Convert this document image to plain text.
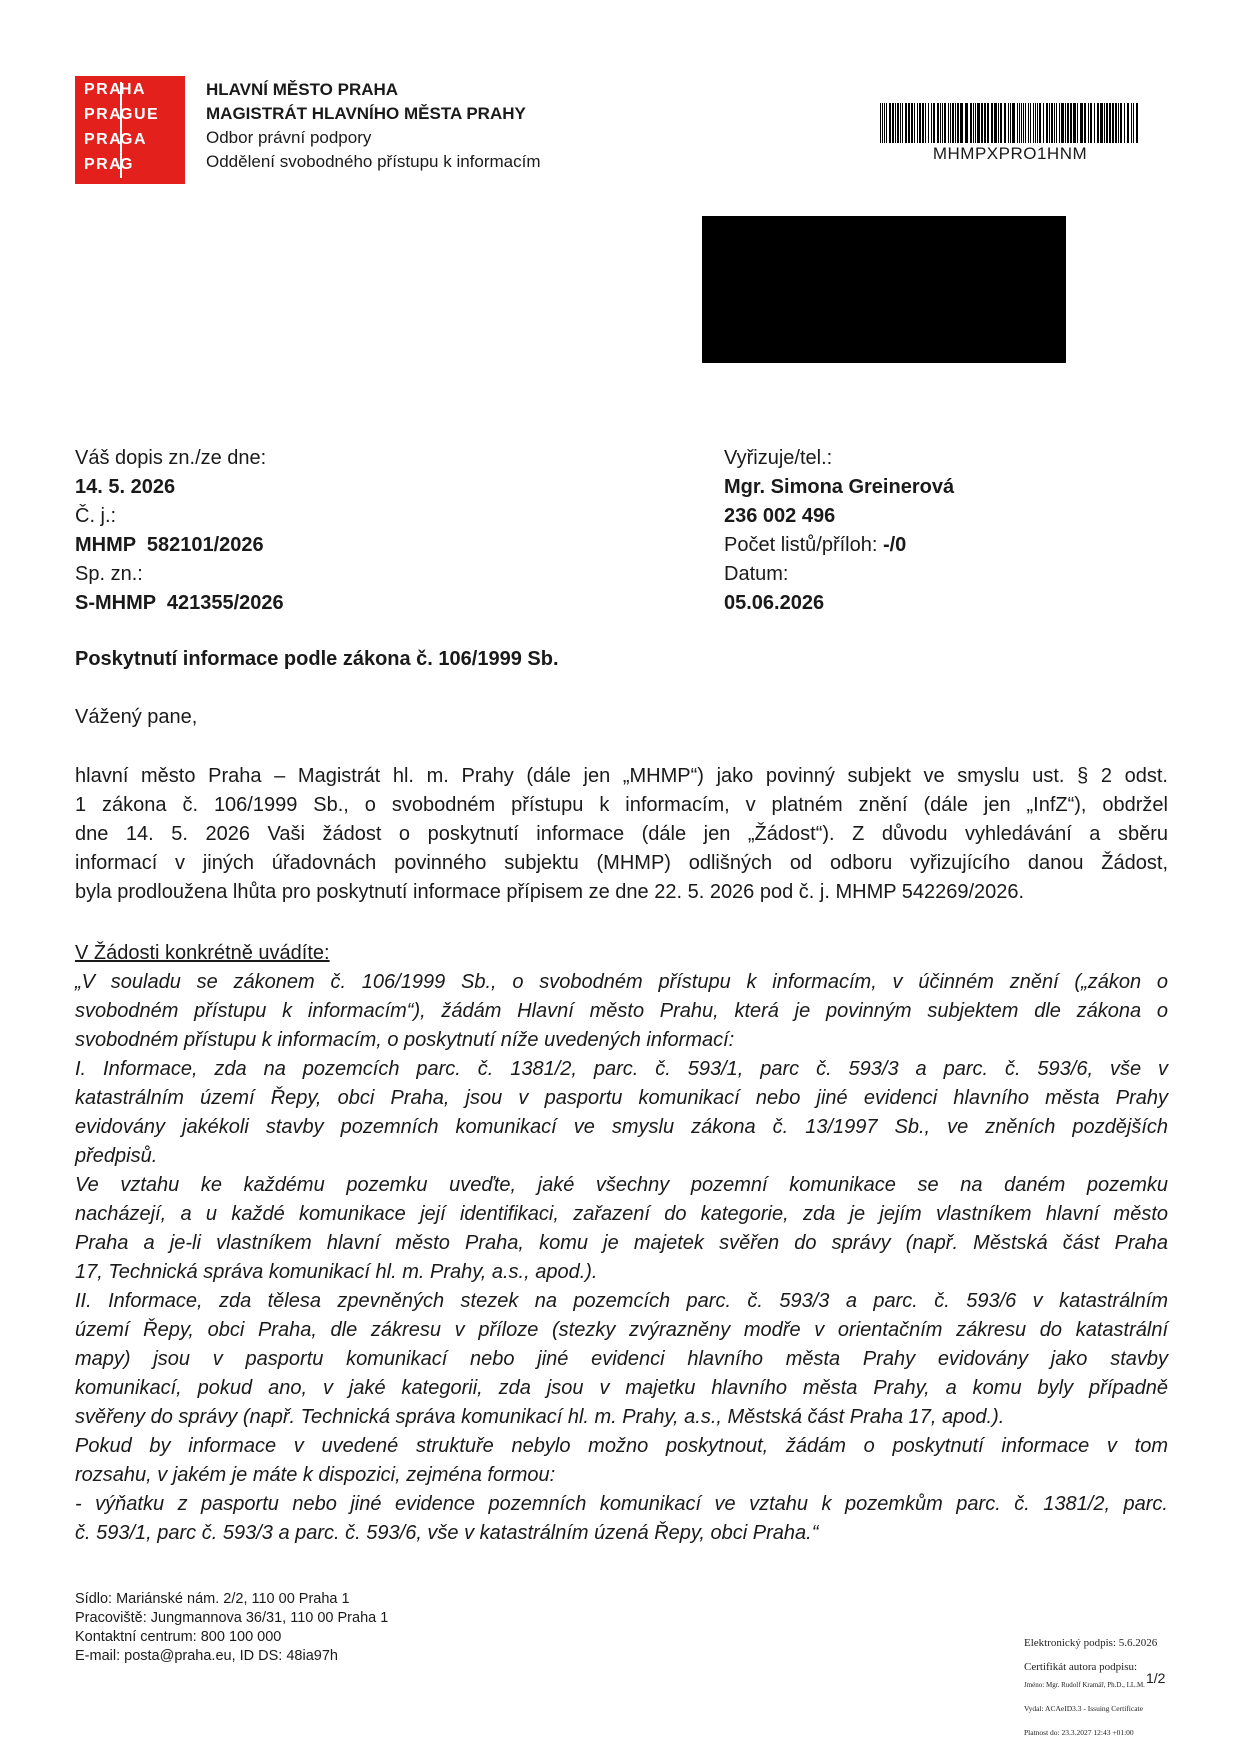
PRAHA
PRAGUE
PRAGA
PRAG
HLAVNÍ MĚSTO PRAHA
MAGISTRÁT HLAVNÍHO MĚSTA PRAHY
Odbor právní podpory
Oddělení svobodného přístupu k informacím	MHMPXPRO1HNM
Váš dopis zn./ze dne:
14. 5. 2026
Č. j.:
MHMP  582101/2026
Sp. zn.:
S-MHMP  421355/2026
Vyřizuje/tel.:
Mgr. Simona Greinerová
236 002 496
Počet listů/příloh: -/0
Datum:
05.06.2026
Poskytnutí informace podle zákona č. 106/1999 Sb.
Vážený pane,

hlavní město Praha – Magistrát hl. m. Prahy (dále jen „MHMP“) jako povinný subjekt ve smyslu ust. § 2 odst.

1 zákona č. 106/1999 Sb., o svobodném přístupu k informacím, v platném znění (dále jen „InfZ“), obdržel

dne 14. 5. 2026 Vaši žádost o poskytnutí informace (dále jen „Žádost“). Z důvodu vyhledávání a sběru

informací v jiných úřadovnách povinného subjektu (MHMP) odlišných od odboru vyřizujícího danou Žádost,

byla prodloužena lhůta pro poskytnutí informace přípisem ze dne 22. 5. 2026 pod č. j. MHMP 542269/2026.

V Žádosti konkrétně uvádíte:

„V souladu se zákonem č. 106/1999 Sb., o svobodném přístupu k informacím, v účinném znění („zákon o

svobodném přístupu k informacím“), žádám Hlavní město Prahu, která je povinným subjektem dle zákona o

svobodném přístupu k informacím, o poskytnutí níže uvedených informací:

I. Informace, zda na pozemcích parc. č. 1381/2, parc. č. 593/1, parc č. 593/3 a parc. č. 593/6, vše v

katastrálním území Řepy, obci Praha, jsou v pasportu komunikací nebo jiné evidenci hlavního města Prahy

evidovány jakékoli stavby pozemních komunikací ve smyslu zákona č. 13/1997 Sb., ve zněních pozdějších

předpisů.

Ve vztahu ke každému pozemku uveďte, jaké všechny pozemní komunikace se na daném pozemku

nacházejí, a u každé komunikace její identifikaci, zařazení do kategorie, zda je jejím vlastníkem hlavní město

Praha a je-li vlastníkem hlavní město Praha, komu je majetek svěřen do správy (např. Městská část Praha

17, Technická správa komunikací hl. m. Prahy, a.s., apod.).

II. Informace, zda tělesa zpevněných stezek na pozemcích parc. č. 593/3 a parc. č. 593/6 v katastrálním

území Řepy, obci Praha, dle zákresu v příloze (stezky zvýrazněny modře v orientačním zákresu do katastrální

mapy) jsou v pasportu komunikací nebo jiné evidenci hlavního města Prahy evidovány jako stavby

komunikací, pokud ano, v jaké kategorii, zda jsou v majetku hlavního města Prahy, a komu byly případně

svěřeny do správy (např. Technická správa komunikací hl. m. Prahy, a.s., Městská část Praha 17, apod.).

Pokud by informace v uvedené struktuře nebylo možno poskytnout, žádám o poskytnutí informace v tom

rozsahu, v jakém je máte k dispozici, zejména formou:

- výňatku z pasportu nebo jiné evidence pozemních komunikací ve vztahu k pozemkům parc. č. 1381/2, parc.

č. 593/1, parc č. 593/3 a parc. č. 593/6, vše v katastrálním úzená Řepy, obci Praha.“

Sídlo: Mariánské nám. 2/2, 110 00 Praha 1
Pracoviště: Jungmannova 36/31, 110 00 Praha 1
Kontaktní centrum: 800 100 000
E-mail: posta@praha.eu, ID DS: 48ia97h
Elektronický podpis: 5.6.2026
Certifikát autora podpisu:
Jméno: Mgr. Rudolf Kramář, Ph.D., LL.M.
Vydal: ACAeID3.3 - Issuing Certificate
Platnost do: 23.3.2027 12:43 +01:00
1/2
